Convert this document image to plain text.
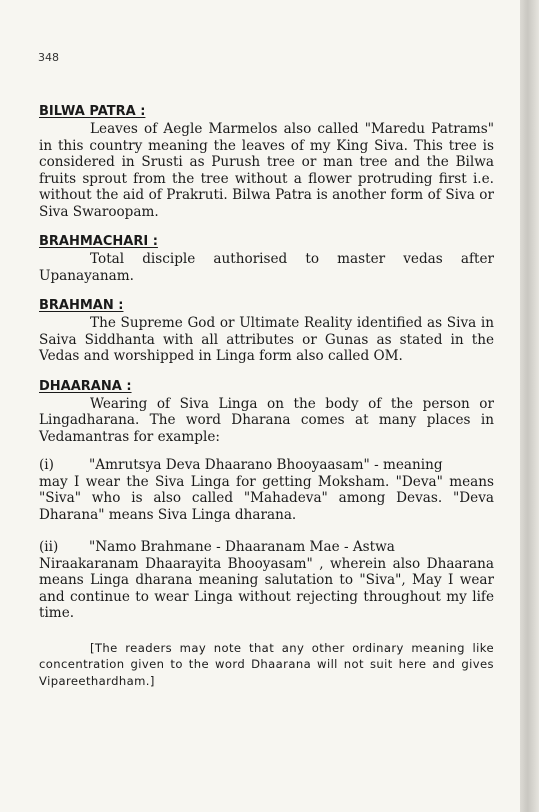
348
BILWA PATRA :

Leaves of Aegle Marmelos also called "Maredu Patrams" in this country meaning the leaves of my King Siva. This tree is considered in Srusti as Purush tree or man tree and the Bilwa fruits sprout from the tree without a flower protruding first i.e. without the aid of Prakruti. Bilwa Patra is another form of Siva or Siva Swaroopam.

BRAHMACHARI :

Total disciple authorised to master vedas after Upanayanam.

BRAHMAN :

The Supreme God or Ultimate Reality identified as Siva in Saiva Siddhanta with all attributes or Gunas as stated in the Vedas and worshipped in Linga form also called OM.

DHAARANA :

Wearing of Siva Linga on the body of the person or Lingadharana. The word Dharana comes at many places in Vedamantras for example:

(i)	"Amrutsya Deva Dhaarano Bhooyaasam" - meaning

may I wear the Siva Linga for getting Moksham. "Deva" means "Siva" who is also called "Mahadeva" among Devas. "Deva Dharana" means Siva Linga dharana.

(ii)	"Namo Brahmane - Dhaaranam Mae - Astwa

Niraakaranam Dhaarayita Bhooyasam" , wherein also Dhaarana means Linga dharana meaning salutation to "Siva", May I wear and continue to wear Linga without rejecting throughout my life time.

[The readers may note that any other ordinary meaning like concentration given to the word Dhaarana will not suit here and gives Vipareethardham.]
